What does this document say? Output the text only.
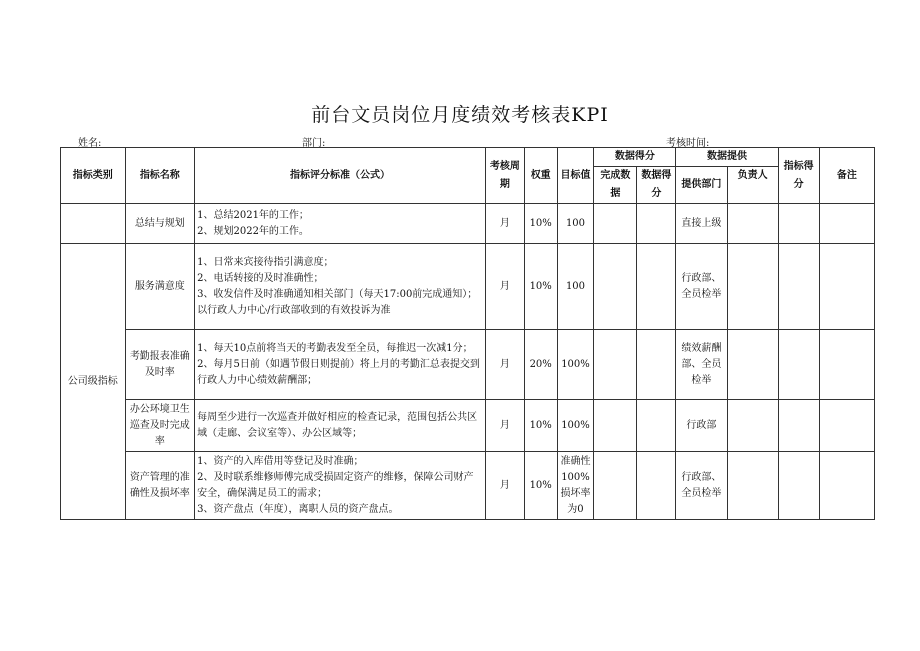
前台文员岗位月度绩效考核表KPI
姓名:	部门:	考核时间:
指标类别	指标名称	指标评分标准（公式）	考核周期	权重	目标值	数据得分		数据提供		指标得分	备注
						完成数据	数据得分	提供部门	负责人		
	总结与规划	1、总结2021年的工作；
2、规划2022年的工作。	月	10%	100			直接上级			
公司级指标	服务满意度	1、日常来宾接待指引满意度；
2、电话转接的及时准确性；
3、收发信件及时准确通知相关部门（每天17:00前完成通知）；
以行政人力中心/行政部收到的有效投诉为准	月	10%	100			行政部、全员检举			
	考勤报表准确及时率	1、每天10点前将当天的考勤表发至全员，每推迟一次减1分；
2、每月5日前（如遇节假日则提前）将上月的考勤汇总表提交到行政人力中心绩效薪酬部；	月	20%	100%			绩效薪酬部、全员检举			
	办公环境卫生巡查及时完成率	每周至少进行一次巡查并做好相应的检查记录，范围包括公共区域（走廊、会议室等）、办公区域等；	月	10%	100%			行政部			
	资产管理的准确性及损坏率	1、资产的入库借用等登记及时准确；
2、及时联系维修师傅完成受损固定资产的维修，保障公司财产安全，确保满足员工的需求；
3、资产盘点（年度），离职人员的资产盘点。	月	10%	准确性100%损坏率为0			行政部、全员检举			
